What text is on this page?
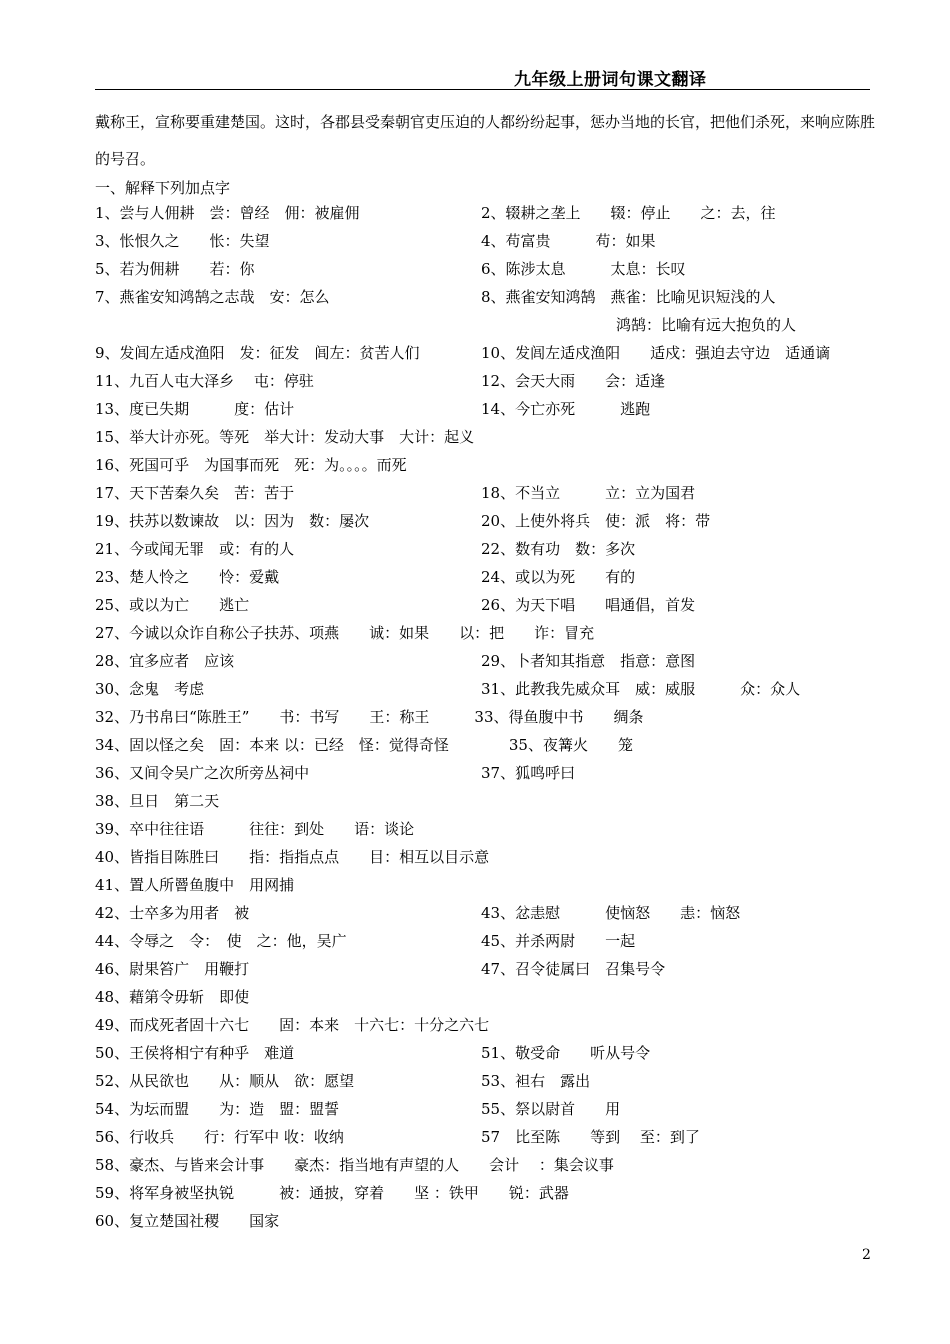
九年级上册词句课文翻译
戴称王，宣称要重建楚国。这时，各郡县受秦朝官吏压迫的人都纷纷起事，惩办当地的长官，把他们杀死，来响应陈胜的号召。
一、解释下列加点字
1、尝与人佣耕　尝：曾经　佣：被雇佣	2、辍耕之垄上　　辍：停止　　之：去，往
3、怅恨久之　　怅：失望	4、苟富贵　　　苟：如果
5、若为佣耕　　若：你	6、陈涉太息　　　太息：长叹
7、燕雀安知鸿鹄之志哉　安：怎么	8、燕雀安知鸿鹄　燕雀：比喻见识短浅的人
　　　　　　　　　鸿鹄：比喻有远大抱负的人
9、发闾左适戍渔阳　发：征发　闾左：贫苦人们	10、发闾左适戍渔阳　　适戍：强迫去守边　适通谪
11、九百人屯大泽乡　 屯：停驻	12、会天大雨　　会：适逢
13、度已失期　　　度：估计	14、今亡亦死　　　逃跑
15、举大计亦死。等死　举大计：发动大事　大计：起义
16、死国可乎　为国事而死　死：为。。。。而死
17、天下苦秦久矣　苦：苦于	18、不当立　　　立：立为国君
19、扶苏以数谏故　以：因为　数：屡次	20、上使外将兵　使：派　将：带
21、今或闻无罪　或：有的人	22、数有功　数：多次
23、楚人怜之　　怜：爱戴	24、或以为死　　有的
25、或以为亡　　逃亡	26、为天下唱　　唱通倡，首发
27、今诚以众诈自称公子扶苏、项燕　　诚：如果　　以：把　　诈：冒充
28、宜多应者　应该	29、卜者知其指意　指意：意图
30、念鬼　考虑	31、此教我先威众耳　威：威服　　　众：众人
32、乃书帛曰“陈胜王”　　书：书写　　王：称王　　　33、得鱼腹中书　　绸条
34、固以怪之矣　固：本来 以：已经　怪：觉得奇怪　　　　35、夜篝火　　笼
36、又间令吴广之次所旁丛祠中	37、狐鸣呼曰
38、旦日　第二天
39、卒中往往语　　　往往：到处　　语：谈论
40、皆指目陈胜曰　　指：指指点点　　目：相互以目示意
41、置人所罾鱼腹中　用网捕
42、士卒多为用者　被	43、忿恚慰　　　使恼怒　　恚：恼怒
44、令辱之　令：　使　之：他，吴广	45、并杀两尉　　一起
46、尉果笞广　用鞭打	47、召令徒属曰　召集号令
48、藉第令毋斩　即使
49、而戍死者固十六七　　固：本来　十六七：十分之六七
50、王侯将相宁有种乎　难道	51、敬受命　　听从号令
52、从民欲也　　从：顺从　欲：愿望	53、袒右　露出
54、为坛而盟　　为：造　盟：盟誓	55、祭以尉首　　用
56、行收兵　　行：行军中 收：收纳	57　比至陈　　等到　 至：到了
58、豪杰、与皆来会计事　　豪杰：指当地有声望的人　　会计　 ：集会议事
59、将军身被坚执锐　　　被：通披，穿着　　坚 ：铁甲　　锐：武器
60、复立楚国社稷　　国家
2
